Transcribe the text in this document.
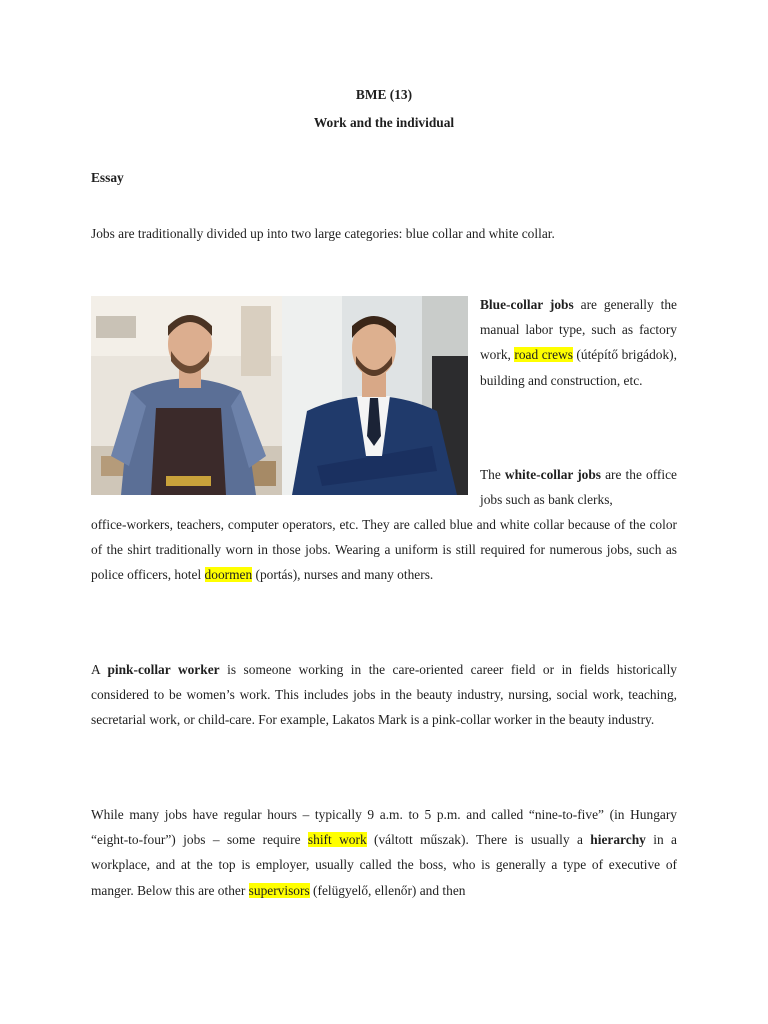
BME (13)
Work and the individual
Essay
Jobs are traditionally divided up into two large categories: blue collar and white collar.

Blue-collar jobs are generally the manual labor type, such as factory work, road crews (útépítő brigádok), building and construction, etc.

The white-collar jobs are the office jobs such as bank clerks,

office-workers, teachers, computer operators, etc. They are called blue and white collar because of the color of the shirt traditionally worn in those jobs. Wearing a uniform is still required for numerous jobs, such as police officers, hotel doormen (portás), nurses and many others.

A pink-collar worker is someone working in the care-oriented career field or in fields historically considered to be women’s work. This includes jobs in the beauty industry, nursing, social work, teaching, secretarial work, or child-care. For example, Lakatos Mark is a pink-collar worker in the beauty industry.

While many jobs have regular hours – typically 9 a.m. to 5 p.m. and called “nine-to-five” (in Hungary “eight-to-four”) jobs – some require shift work (váltott műszak). There is usually a hierarchy in a workplace, and at the top is employer, usually called the boss, who is generally a type of executive of manger. Below this are other supervisors (felügyelő, ellenőr) and then
